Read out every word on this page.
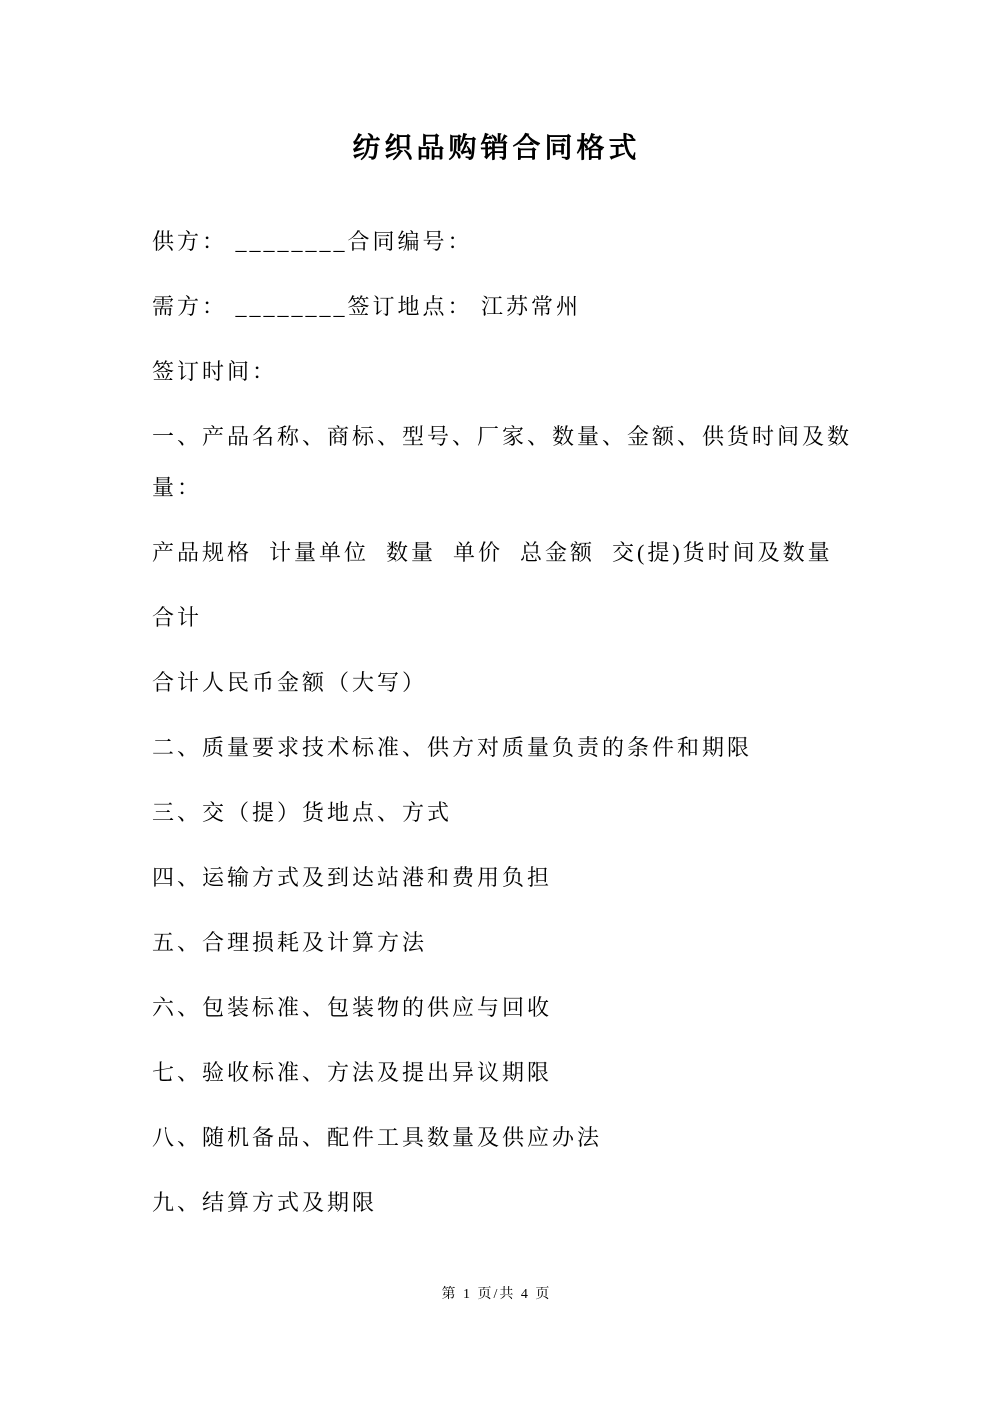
纺织品购销合同格式

供方： ________合同编号：

需方： ________签订地点： 江苏常州

签订时间：

一、产品名称、商标、型号、厂家、数量、金额、供货时间及数
量：

产品规格  计量单位  数量  单价  总金额  交(提)货时间及数量

合计

合计人民币金额（大写）

二、质量要求技术标准、供方对质量负责的条件和期限

三、交（提）货地点、方式

四、运输方式及到达站港和费用负担

五、合理损耗及计算方法

六、包装标准、包装物的供应与回收

七、验收标准、方法及提出异议期限

八、随机备品、配件工具数量及供应办法

九、结算方式及期限

第 1 页/共 4 页
